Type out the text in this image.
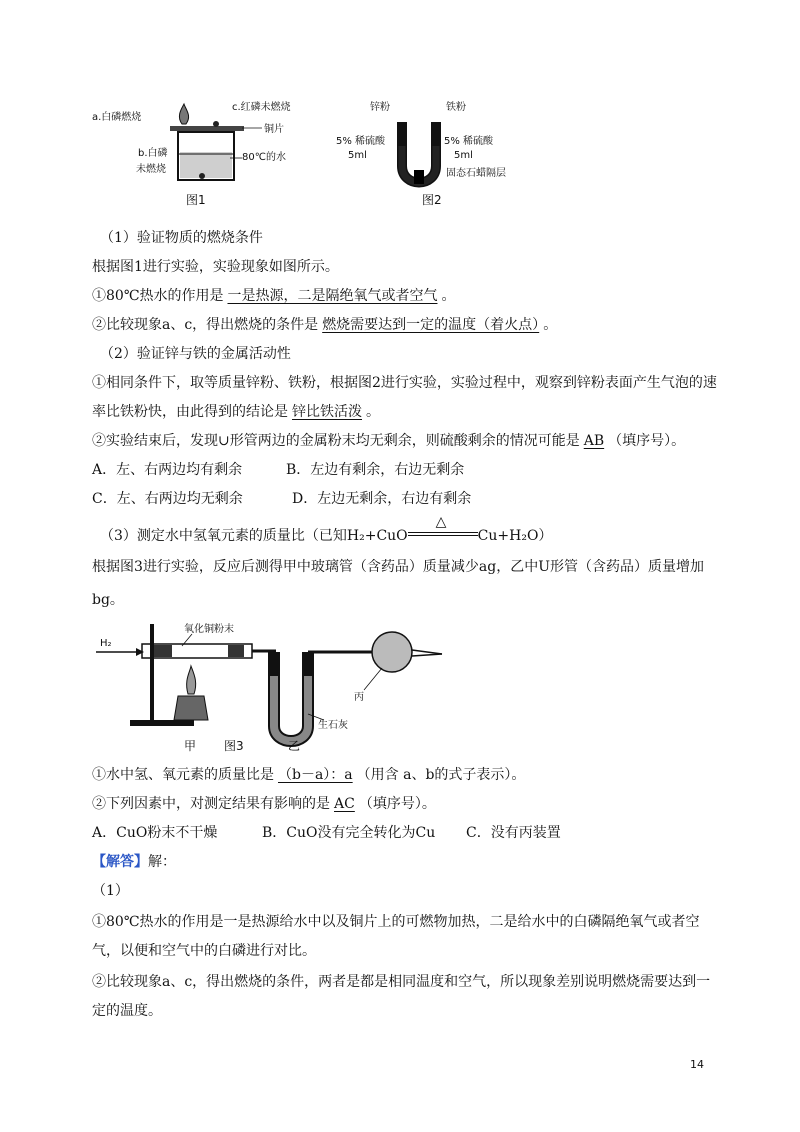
a.白磷燃烧
c.红磷未燃烧
铜片
b.白磷
未燃烧
80℃的水
图1
锌粉	铁粉
5% 稀硫酸
5ml
5% 稀硫酸
5ml
固态石蜡隔层
图2
（1）验证物质的燃烧条件
根据图1进行实验，实验现象如图所示。
①80℃热水的作用是 一是热源，二是隔绝氧气或者空气 。
②比较现象a、c，得出燃烧的条件是 燃烧需要达到一定的温度（着火点） 。
（2）验证锌与铁的金属活动性
①相同条件下，取等质量锌粉、铁粉，根据图2进行实验，实验过程中，观察到锌粉表面产生气泡的速
率比铁粉快，由此得到的结论是 锌比铁活泼 。
②实验结束后，发现∪形管两边的金属粉末均无剩余，则硫酸剩余的情况可能是 AB （填序号）。
A．左、右两边均有剩余	B．左边有剩余，右边无剩余
C．左、右两边均无剩余	D．左边无剩余，右边有剩余
（3）测定水中氢氧元素的质量比（已知H₂+CuO
△
Cu+H₂O）
根据图3进行实验，反应后测得甲中玻璃管（含药品）质量减少ag，乙中U形管（含药品）质量增加
bg。
H₂
氧化铜粉末
丙
生石灰
甲 图3	乙
①水中氢、氧元素的质量比是 （b－a）：a （用含 a、b的式子表示）。
②下列因素中，对测定结果有影响的是 AC （填序号）。
A．CuO粉末不干燥	B．CuO没有完全转化为Cu C．没有丙装置
【解答】解：
（1）
①80℃热水的作用是一是热源给水中以及铜片上的可燃物加热，二是给水中的白磷隔绝氧气或者空
气，以便和空气中的白磷进行对比。
②比较现象a、c，得出燃烧的条件，两者是都是相同温度和空气，所以现象差别说明燃烧需要达到一
定的温度。
14
